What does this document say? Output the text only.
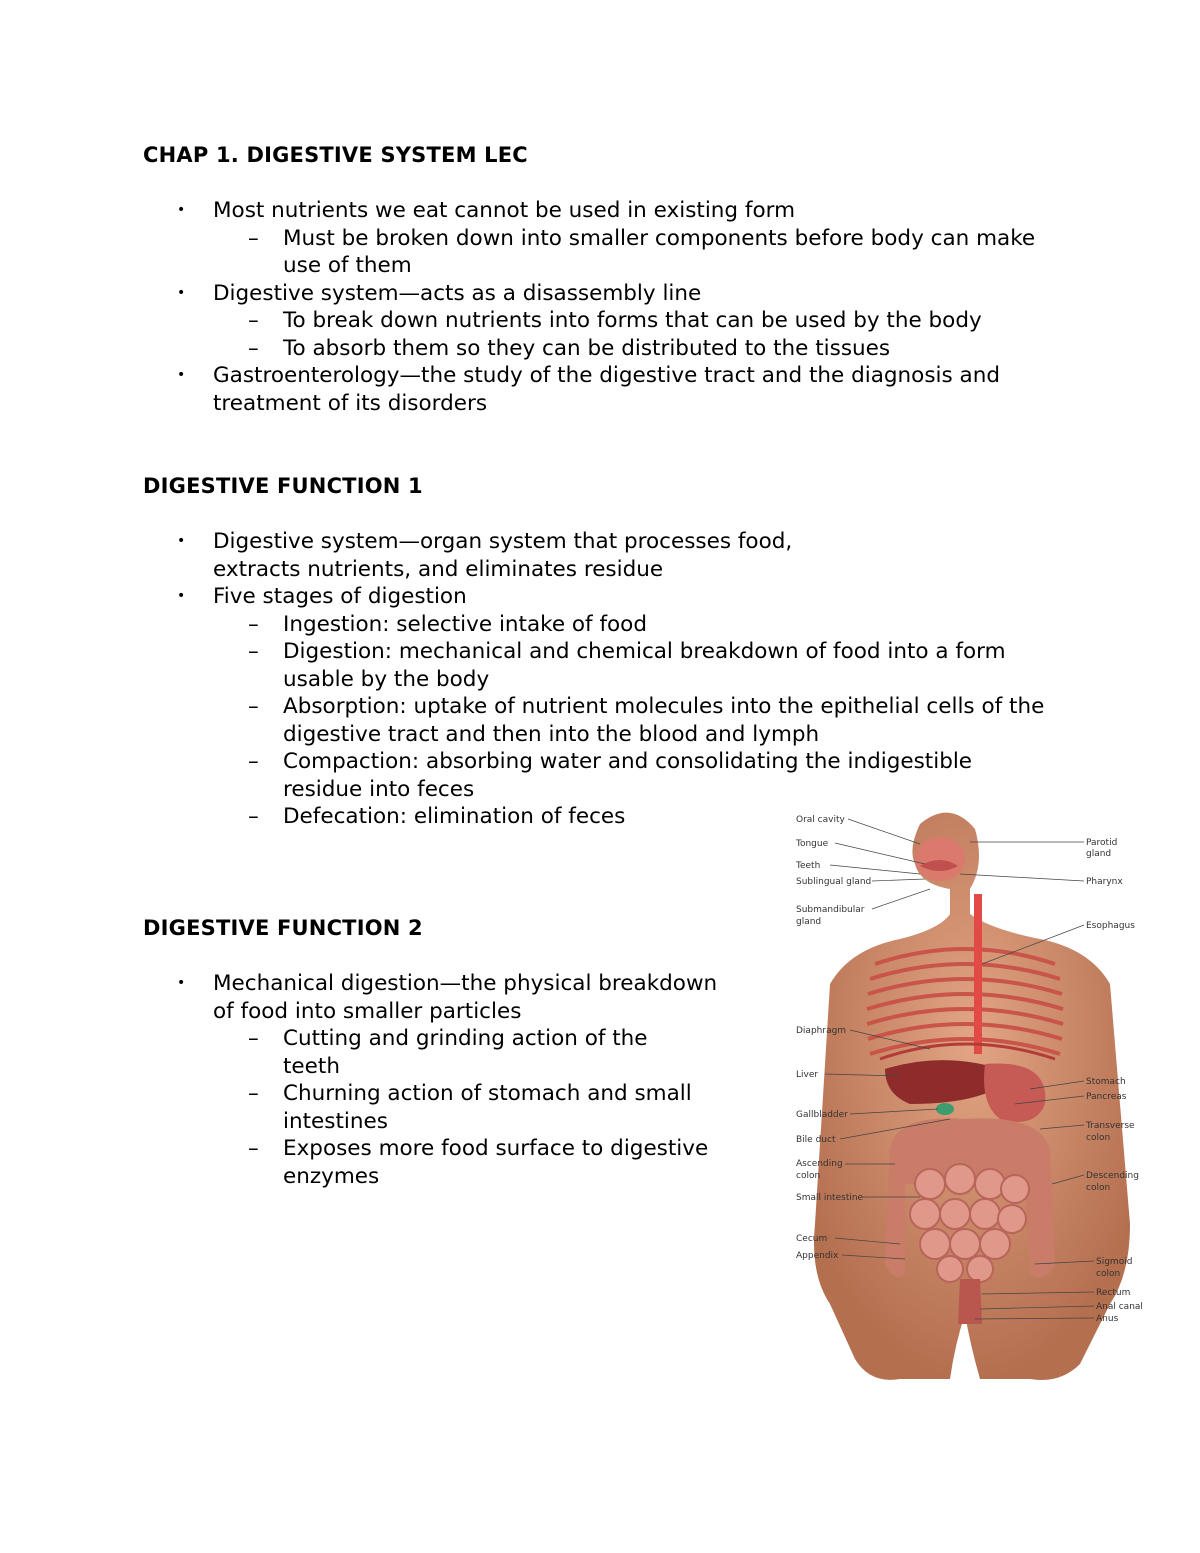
CHAP 1. DIGESTIVE SYSTEM LEC
• Most nutrients we eat cannot be used in existing form
– Must be broken down into smaller components before body can make use of them
• Digestive system—acts as a disassembly line
– To break down nutrients into forms that can be used by the body
– To absorb them so they can be distributed to the tissues
• Gastroenterology—the study of the digestive tract and the diagnosis and treatment of its disorders
DIGESTIVE FUNCTION 1
• Digestive system—organ system that processes food, extracts nutrients, and eliminates residue
• Five stages of digestion
– Ingestion: selective intake of food
– Digestion: mechanical and chemical breakdown of food into a form usable by the body
– Absorption: uptake of nutrient molecules into the epithelial cells of the digestive tract and then into the blood and lymph
– Compaction: absorbing water and consolidating the indigestible residue into feces
– Defecation: elimination of feces
DIGESTIVE FUNCTION 2
• Mechanical digestion—the physical breakdown of food into smaller particles
– Cutting and grinding action of the teeth
– Churning action of stomach and small intestines
– Exposes more food surface to digestive enzymes
Oral cavity
Tongue
Teeth
Sublingual gland
Submandibular
gland
Diaphragm
Liver
Gallbladder
Bile duct
Ascending
colon
Small intestine
Cecum
Appendix
Parotid
gland
Pharynx
Esophagus
Stomach
Pancreas
Transverse
colon
Descending
colon
Sigmoid
colon
Rectum
Anal canal
Anus
